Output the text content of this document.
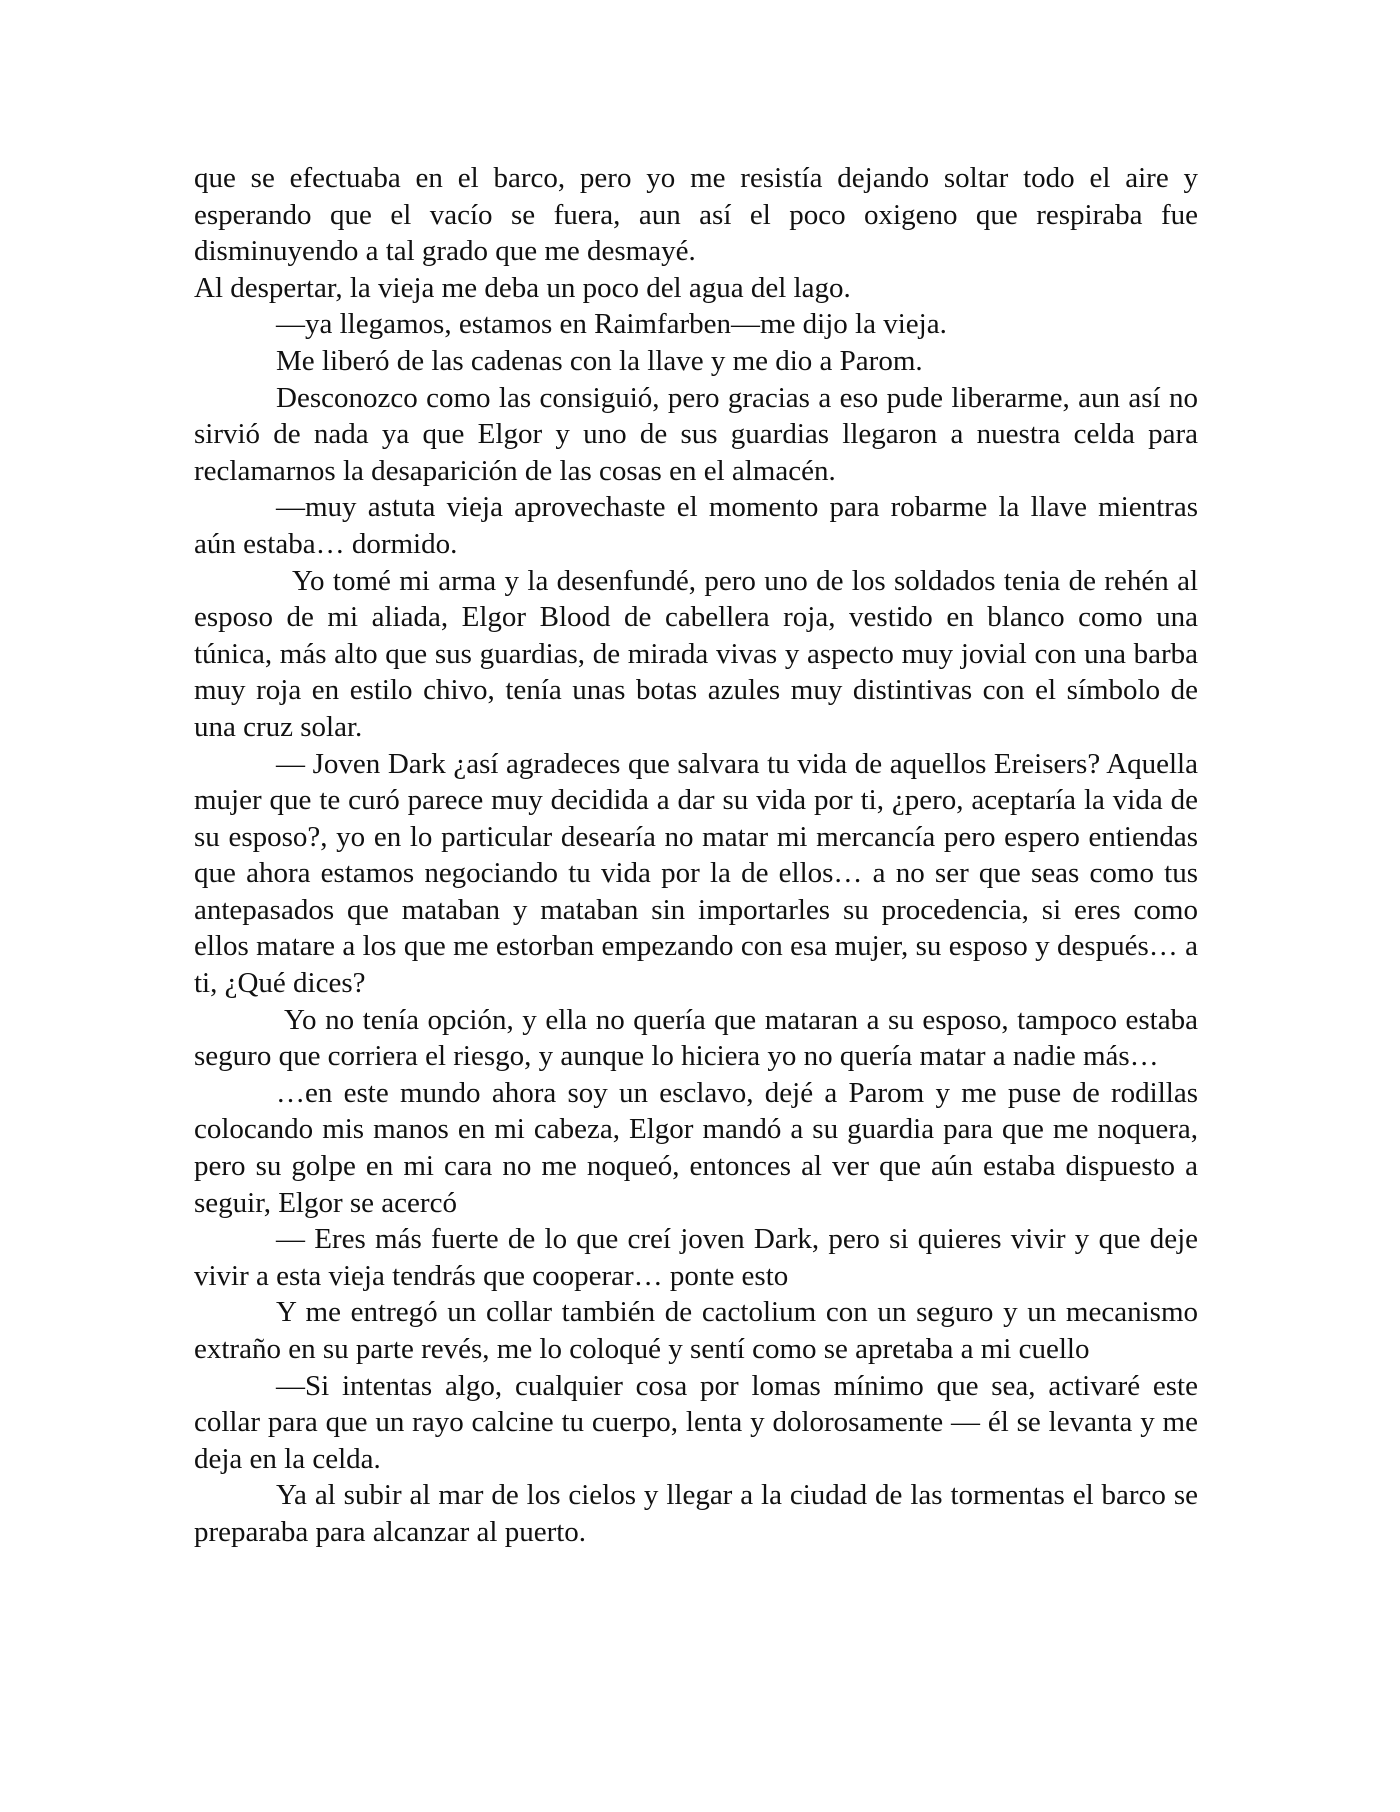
que se efectuaba en el barco, pero yo me resistía dejando soltar todo el aire y esperando que el vacío se fuera, aun así el poco oxigeno que respiraba fue disminuyendo a tal grado que me desmayé.

Al despertar, la vieja me deba un poco del agua del lago.

—ya llegamos, estamos en Raimfarben—me dijo la vieja.

Me liberó de las cadenas con la llave y me dio a Parom.

Desconozco como las consiguió, pero gracias a eso pude liberarme, aun así no sirvió de nada ya que Elgor y uno de sus guardias llegaron a nuestra celda para reclamarnos la desaparición de las cosas en el almacén.

—muy astuta vieja aprovechaste el momento para robarme la llave mientras aún estaba… dormido.

Yo tomé mi arma y la desenfundé, pero uno de los soldados tenia de rehén al esposo de mi aliada, Elgor Blood de cabellera roja, vestido en blanco como una túnica, más alto que sus guardias, de mirada vivas y aspecto muy jovial con una barba muy roja en estilo chivo, tenía unas botas azules muy distintivas con el símbolo de una cruz solar.

— Joven Dark ¿así agradeces que salvara tu vida de aquellos Ereisers? Aquella mujer que te curó parece muy decidida a dar su vida por ti, ¿pero, aceptaría la vida de su esposo?, yo en lo particular desearía no matar mi mercancía pero espero entiendas que ahora estamos negociando tu vida por la de ellos… a no ser que seas como tus antepasados que mataban y mataban sin importarles su procedencia, si eres como ellos matare a los que me estorban empezando con esa mujer, su esposo y después… a ti, ¿Qué dices?

Yo no tenía opción, y ella no quería que mataran a su esposo, tampoco estaba seguro que corriera el riesgo, y aunque lo hiciera yo no quería matar a nadie más…

…en este mundo ahora soy un esclavo, dejé a Parom y me puse de rodillas colocando mis manos en mi cabeza, Elgor mandó a su guardia para que me noquera, pero su golpe en mi cara no me noqueó, entonces al ver que aún estaba dispuesto a seguir, Elgor se acercó

— Eres más fuerte de lo que creí joven Dark, pero si quieres vivir y que deje vivir a esta vieja tendrás que cooperar… ponte esto

Y me entregó un collar también de cactolium con un seguro y un mecanismo extraño en su parte revés, me lo coloqué y sentí como se apretaba a mi cuello

—Si intentas algo, cualquier cosa por lomas mínimo que sea, activaré este collar para que un rayo calcine tu cuerpo, lenta y dolorosamente — él se levanta y me deja en la celda.

Ya al subir al mar de los cielos y llegar a la ciudad de las tormentas el barco se preparaba para alcanzar al puerto.
